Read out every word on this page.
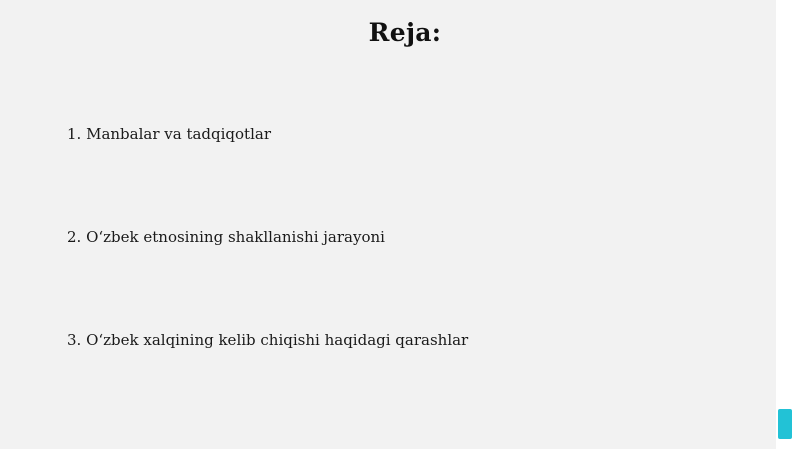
Reja:
1. Manbalar va tadqiqotlar
2. O‘zbek etnosining shakllanishi jarayoni
3. O‘zbek xalqining kelib chiqishi haqidagi qarashlar
